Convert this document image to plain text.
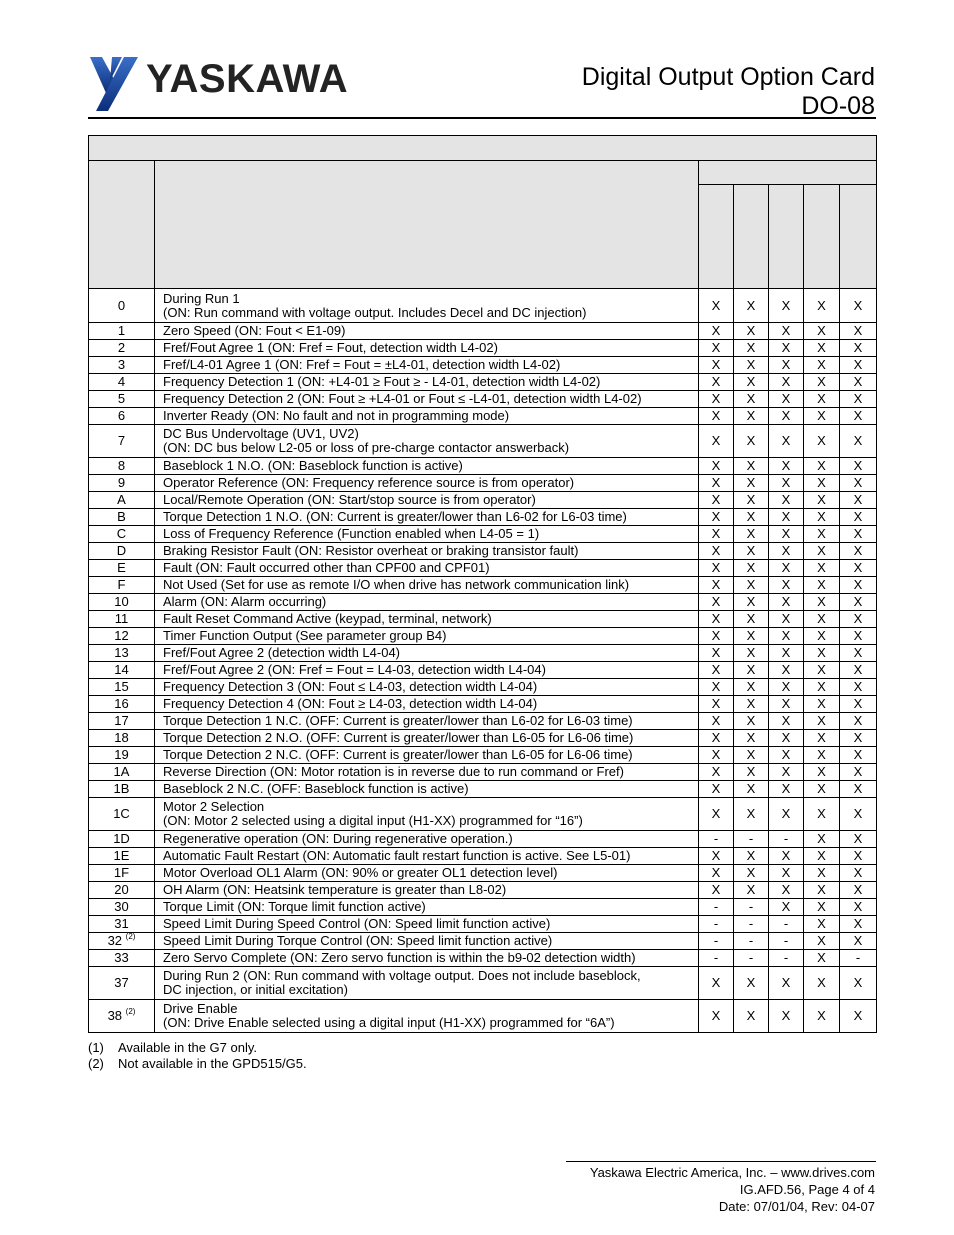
YASKAWA	Digital Output Option Card
DO-08

0	During Run 1
(ON: Run command with voltage output. Includes Decel and DC injection)	X	X	X	X	X
1	Zero Speed (ON: Fout < E1-09)	X	X	X	X	X
2	Fref/Fout Agree 1 (ON: Fref = Fout, detection width L4-02)	X	X	X	X	X
3	Fref/L4-01 Agree 1 (ON: Fref = Fout = ±L4-01, detection width L4-02)	X	X	X	X	X
4	Frequency Detection 1 (ON: +L4-01 ≥ Fout ≥ - L4-01, detection width L4-02)	X	X	X	X	X
5	Frequency Detection 2 (ON: Fout ≥ +L4-01 or Fout ≤ -L4-01, detection width L4-02)	X	X	X	X	X
6	Inverter Ready (ON: No fault and not in programming mode)	X	X	X	X	X
7	DC Bus Undervoltage (UV1, UV2)
(ON: DC bus below L2-05 or loss of pre-charge contactor answerback)	X	X	X	X	X
8	Baseblock 1 N.O. (ON: Baseblock function is active)	X	X	X	X	X
9	Operator Reference (ON: Frequency reference source is from operator)	X	X	X	X	X
A	Local/Remote Operation (ON: Start/stop source is from operator)	X	X	X	X	X
B	Torque Detection 1 N.O. (ON: Current is greater/lower than L6-02 for L6-03 time)	X	X	X	X	X
C	Loss of Frequency Reference (Function enabled when L4-05 = 1)	X	X	X	X	X
D	Braking Resistor Fault (ON: Resistor overheat or braking transistor fault)	X	X	X	X	X
E	Fault (ON: Fault occurred other than CPF00 and CPF01)	X	X	X	X	X
F	Not Used (Set for use as remote I/O when drive has network communication link)	X	X	X	X	X
10	Alarm (ON: Alarm occurring)	X	X	X	X	X
11	Fault Reset Command Active (keypad, terminal, network)	X	X	X	X	X
12	Timer Function Output (See parameter group B4)	X	X	X	X	X
13	Fref/Fout Agree 2 (detection width L4-04)	X	X	X	X	X
14	Fref/Fout Agree 2 (ON: Fref = Fout = L4-03, detection width L4-04)	X	X	X	X	X
15	Frequency Detection 3 (ON: Fout ≤ L4-03, detection width L4-04)	X	X	X	X	X
16	Frequency Detection 4 (ON: Fout ≥ L4-03, detection width L4-04)	X	X	X	X	X
17	Torque Detection 1 N.C. (OFF: Current is greater/lower than L6-02 for L6-03 time)	X	X	X	X	X
18	Torque Detection 2 N.O. (OFF: Current is greater/lower than L6-05 for L6-06 time)	X	X	X	X	X
19	Torque Detection 2 N.C. (OFF: Current is greater/lower than L6-05 for L6-06 time)	X	X	X	X	X
1A	Reverse Direction (ON: Motor rotation is in reverse due to run command or Fref)	X	X	X	X	X
1B	Baseblock 2 N.C. (OFF: Baseblock function is active)	X	X	X	X	X
1C	Motor 2 Selection
(ON: Motor 2 selected using a digital input (H1-XX) programmed for “16”)	X	X	X	X	X
1D	Regenerative operation (ON: During regenerative operation.)	-	-	-	X	X
1E	Automatic Fault Restart (ON: Automatic fault restart function is active. See L5-01)	X	X	X	X	X
1F	Motor Overload OL1 Alarm (ON: 90% or greater OL1 detection level)	X	X	X	X	X
20	OH Alarm (ON: Heatsink temperature is greater than L8-02)	X	X	X	X	X
30	Torque Limit (ON: Torque limit function active)	-	-	X	X	X
31	Speed Limit During Speed Control (ON: Speed limit function active)	-	-	-	X	X
32 $^{(2)}$	Speed Limit During Torque Control (ON: Speed limit function active)	-	-	-	X	X
33	Zero Servo Complete (ON: Zero servo function is within the b9-02 detection width)	-	-	-	X	-
37	During Run 2 (ON: Run command with voltage output. Does not include baseblock,
DC injection, or initial excitation)	X	X	X	X	X
38 $^{(2)}$	Drive Enable
(ON: Drive Enable selected using a digital input (H1-XX) programmed for “6A”)	X	X	X	X	X
(1) Available in the G7 only.
(2) Not available in the GPD515/G5.
Yaskawa Electric America, Inc. – www.drives.com
IG.AFD.56, Page 4 of 4
Date: 07/01/04, Rev: 04-07
